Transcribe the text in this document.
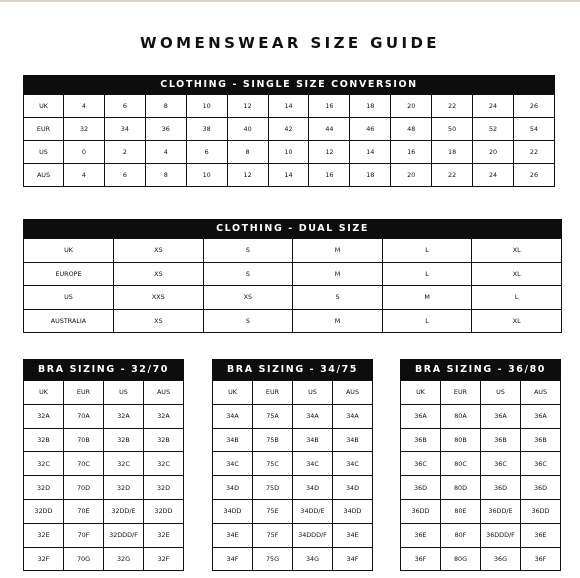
WOMENSWEAR SIZE GUIDE
CLOTHING - SINGLE SIZE CONVERSION
UK	4	6	8	10	12	14	16	18	20	22	24	26
EUR	32	34	36	38	40	42	44	46	48	50	52	54
US	0	2	4	6	8	10	12	14	16	18	20	22
AUS	4	6	8	10	12	14	16	18	20	22	24	26
CLOTHING - DUAL SIZE
UK	XS	S	M	L	XL
EUROPE	XS	S	M	L	XL
US	XXS	XS	S	M	L
AUSTRALIA	XS	S	M	L	XL
BRA SIZING - 32/70
UK	EUR	US	AUS
32A	70A	32A	32A
32B	70B	32B	32B
32C	70C	32C	32C
32D	70D	32D	32D
32DD	70E	32DD/E	32DD
32E	70F	32DDD/F	32E
32F	70G	32G	32F
BRA SIZING - 34/75
UK	EUR	US	AUS
34A	75A	34A	34A
34B	75B	34B	34B
34C	75C	34C	34C
34D	75D	34D	34D
34DD	75E	34DD/E	34DD
34E	75F	34DDD/F	34E
34F	75G	34G	34F
BRA SIZING - 36/80
UK	EUR	US	AUS
36A	80A	36A	36A
36B	80B	36B	36B
36C	80C	36C	36C
36D	80D	36D	36D
36DD	80E	36DD/E	36DD
36E	80F	36DDD/F	36E
36F	80G	36G	36F
